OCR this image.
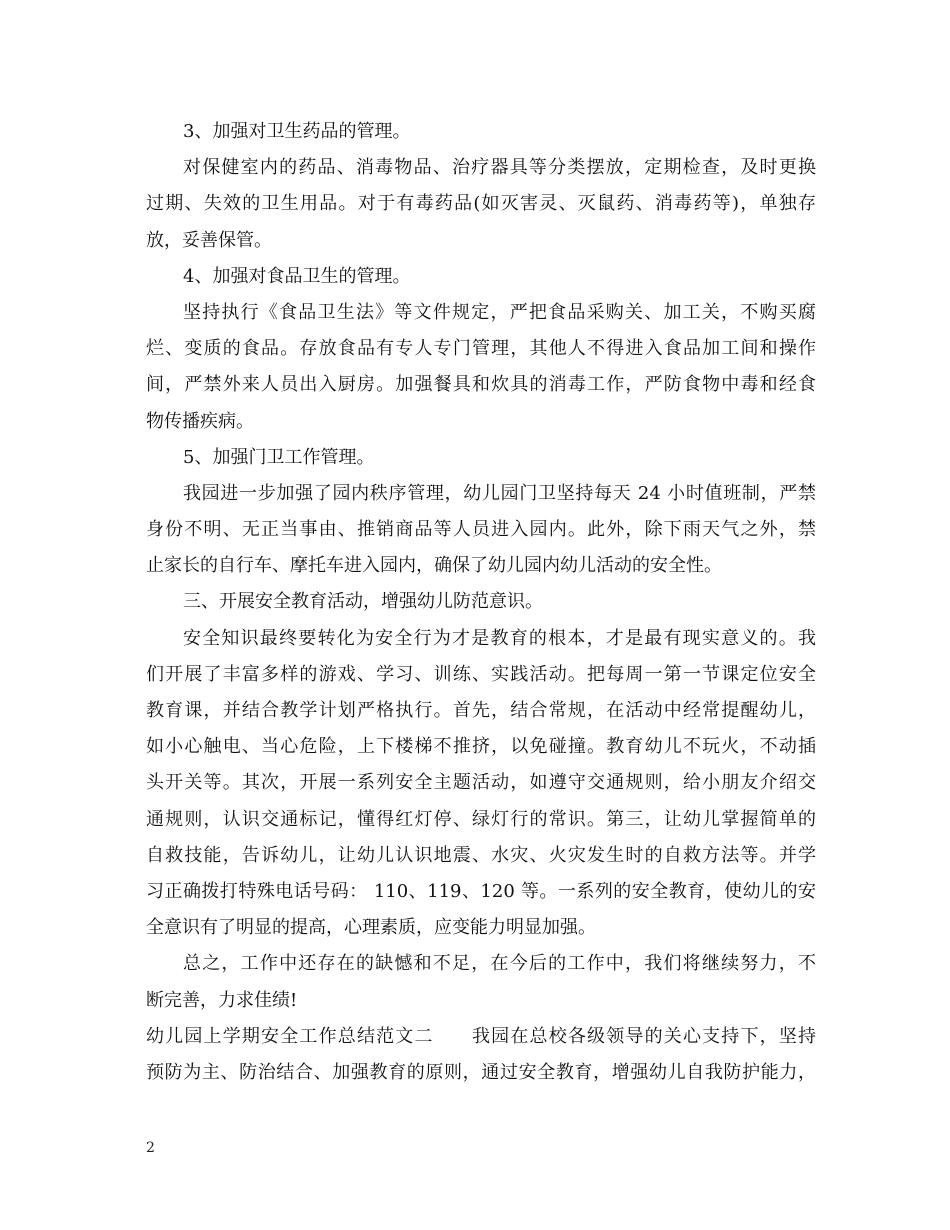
3、加强对卫生药品的管理。
对保健室内的药品、消毒物品、治疗器具等分类摆放，定期检查，及时更换
过期、失效的卫生用品。对于有毒药品(如灭害灵、灭鼠药、消毒药等)，单独存
放，妥善保管。
4、加强对食品卫生的管理。
坚持执行《食品卫生法》等文件规定，严把食品采购关、加工关，不购买腐
烂、变质的食品。存放食品有专人专门管理，其他人不得进入食品加工间和操作
间，严禁外来人员出入厨房。加强餐具和炊具的消毒工作，严防食物中毒和经食
物传播疾病。
5、加强门卫工作管理。
我园进一步加强了园内秩序管理，幼儿园门卫坚持每天 24 小时值班制，严禁
身份不明、无正当事由、推销商品等人员进入园内。此外，除下雨天气之外，禁
止家长的自行车、摩托车进入园内，确保了幼儿园内幼儿活动的安全性。
三、开展安全教育活动，增强幼儿防范意识。
安全知识最终要转化为安全行为才是教育的根本，才是最有现实意义的。我
们开展了丰富多样的游戏、学习、训练、实践活动。把每周一第一节课定位安全
教育课，并结合教学计划严格执行。首先，结合常规，在活动中经常提醒幼儿，
如小心触电、当心危险，上下楼梯不推挤，以免碰撞。教育幼儿不玩火，不动插
头开关等。其次，开展一系列安全主题活动，如遵守交通规则，给小朋友介绍交
通规则，认识交通标记，懂得红灯停、绿灯行的常识。第三，让幼儿掌握简单的
自救技能，告诉幼儿，让幼儿认识地震、水灾、火灾发生时的自救方法等。并学
习正确拨打特殊电话号码： 110、119、120 等。一系列的安全教育，使幼儿的安
全意识有了明显的提高，心理素质，应变能力明显加强。
总之，工作中还存在的缺憾和不足，在今后的工作中，我们将继续努力，不
断完善，力求佳绩!
幼儿园上学期安全工作总结范文二　　我园在总校各级领导的关心支持下，坚持
预防为主、防治结合、加强教育的原则，通过安全教育，增强幼儿自我防护能力，
2
